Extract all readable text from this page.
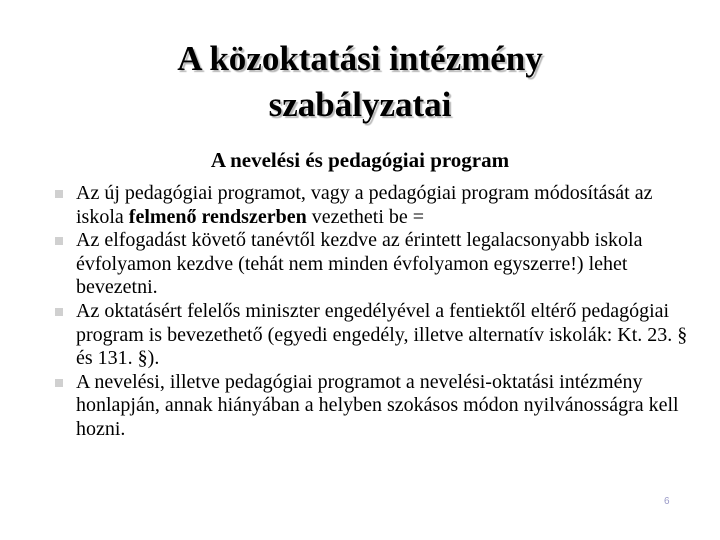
A közoktatási intézmény
szabályzatai
A nevelési és pedagógiai program
Az új pedagógiai programot, vagy a pedagógiai program módosítását az iskola felmenő rendszerben vezetheti be =
Az elfogadást követő tanévtől kezdve az érintett legalacsonyabb iskola évfolyamon kezdve (tehát nem minden évfolyamon egyszerre!) lehet bevezetni.
Az oktatásért felelős miniszter engedélyével a fentiektől eltérő pedagógiai program is bevezethető (egyedi engedély, illetve alternatív iskolák: Kt. 23. § és 131. §).
A nevelési, illetve pedagógiai programot a nevelési-oktatási intézmény honlapján, annak hiányában a helyben szokásos módon nyilvánosságra kell hozni.
6
